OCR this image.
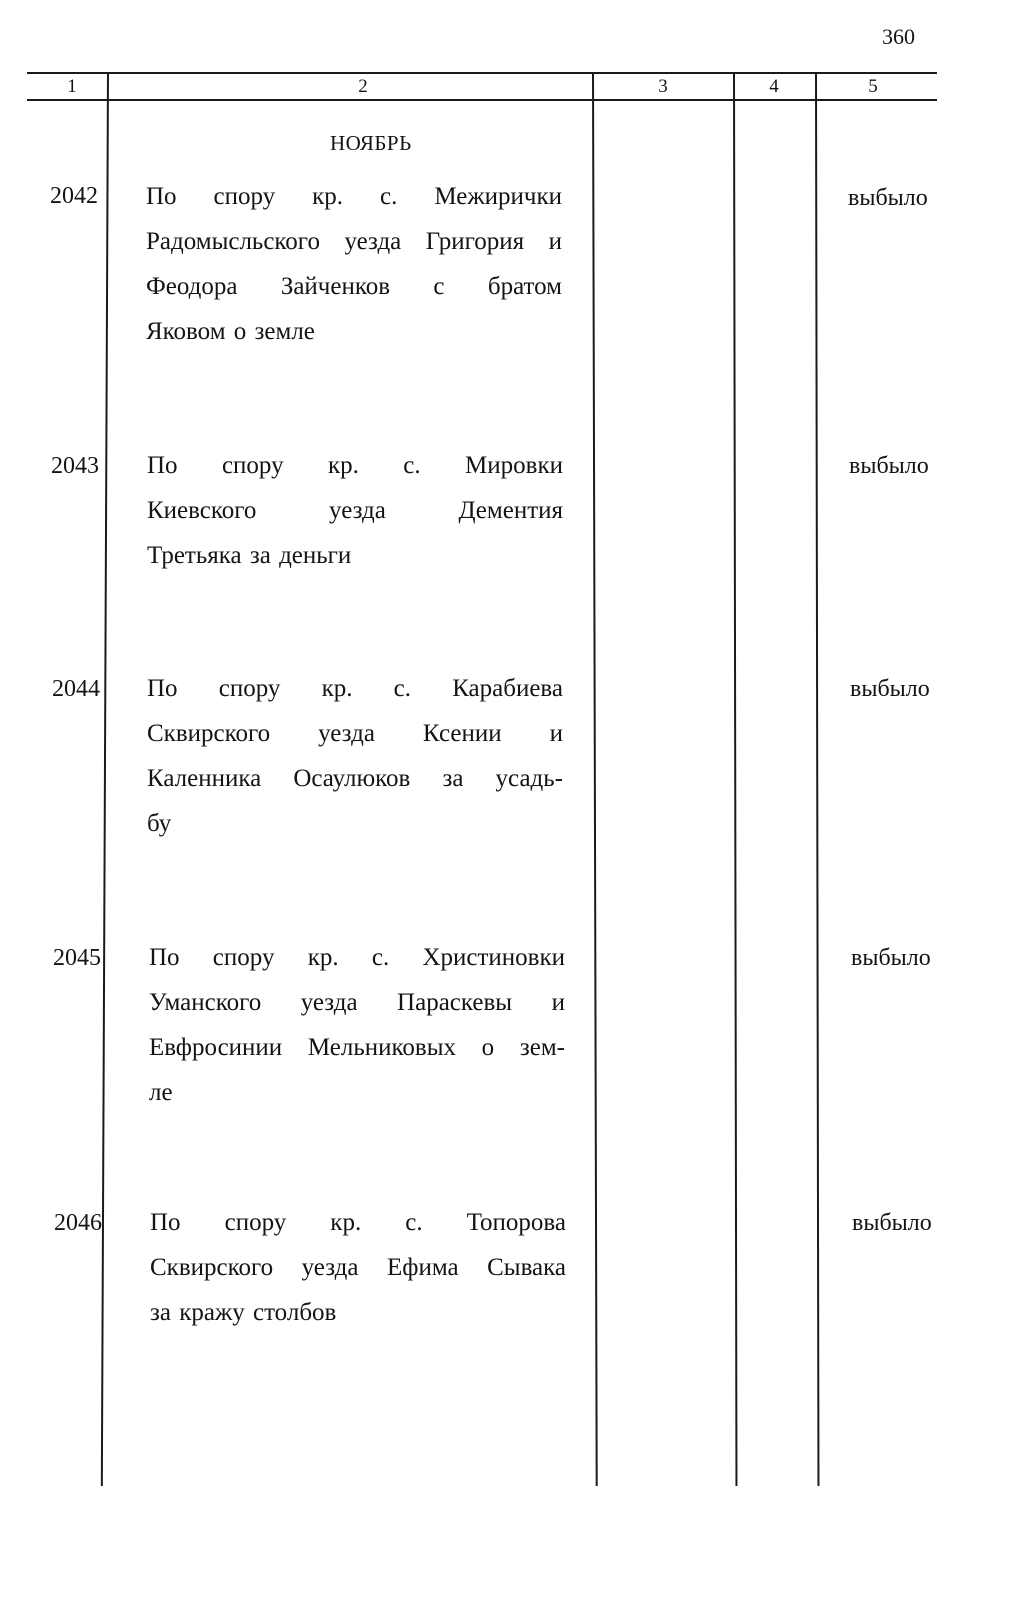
360
1	2	3	4	5
НОЯБРЬ
2042 По спору кр. с. Межирички
Радомысльского уезда Григория и
Феодора Зайченков с братом
Яковом о земле
выбыло
2043 По спору кр. с. Мировки
Киевского уезда Дементия
Третьяка за деньги
выбыло
2044 По спору кр. с. Карабиева
Сквирского уезда Ксении и
Каленника Осаулюков за усадь-
бу
выбыло
2045 По спору кр. с. Христиновки
Уманского уезда Параскевы и
Евфросинии Мельниковых о зем-
ле
выбыло
2046 По спору кр. с. Топорова
Сквирского уезда Ефима Сывака
за кражу столбов
выбыло
